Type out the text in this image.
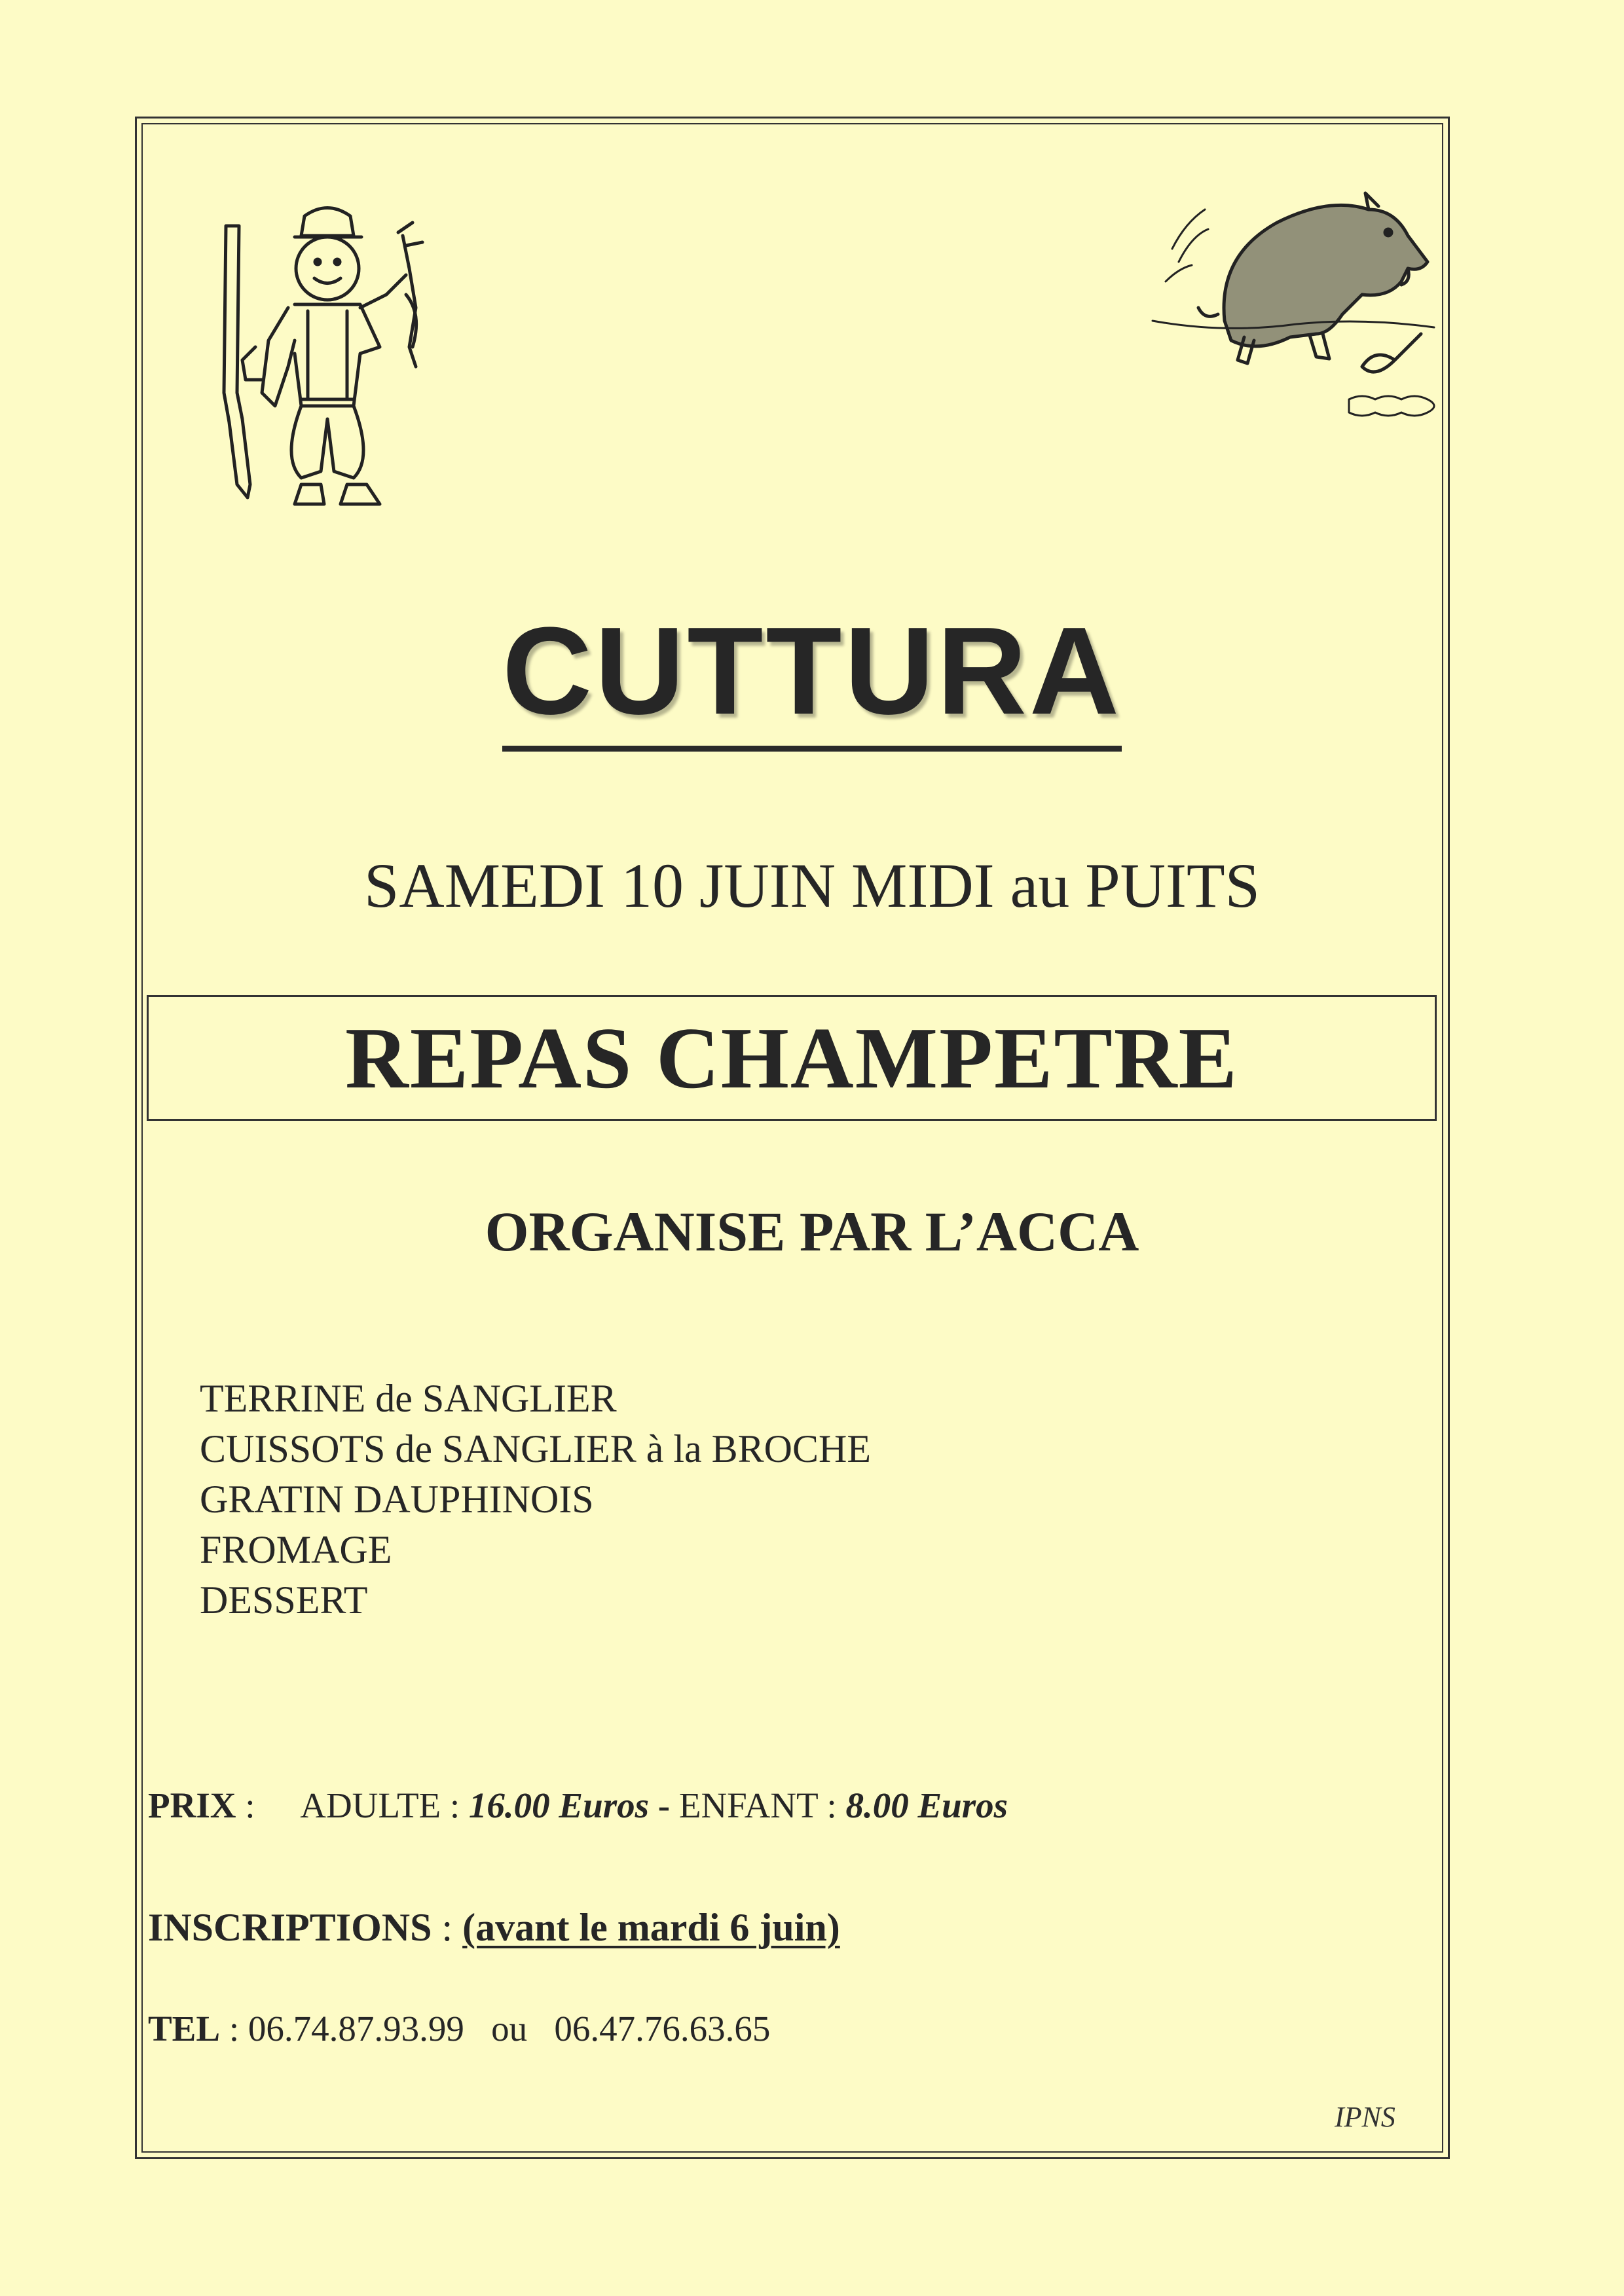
CUTTURA
SAMEDI 10 JUIN MIDI au PUITS
REPAS CHAMPETRE
ORGANISE PAR L’ACCA
TERRINE de SANGLIER
CUISSOTS de SANGLIER à la BROCHE
GRATIN DAUPHINOIS
FROMAGE
DESSERT
PRIX : ADULTE : 16.00 Euros - ENFANT : 8.00 Euros
INSCRIPTIONS : (avant le mardi 6 juin)
TEL : 06.74.87.93.99 ou 06.47.76.63.65
IPNS
